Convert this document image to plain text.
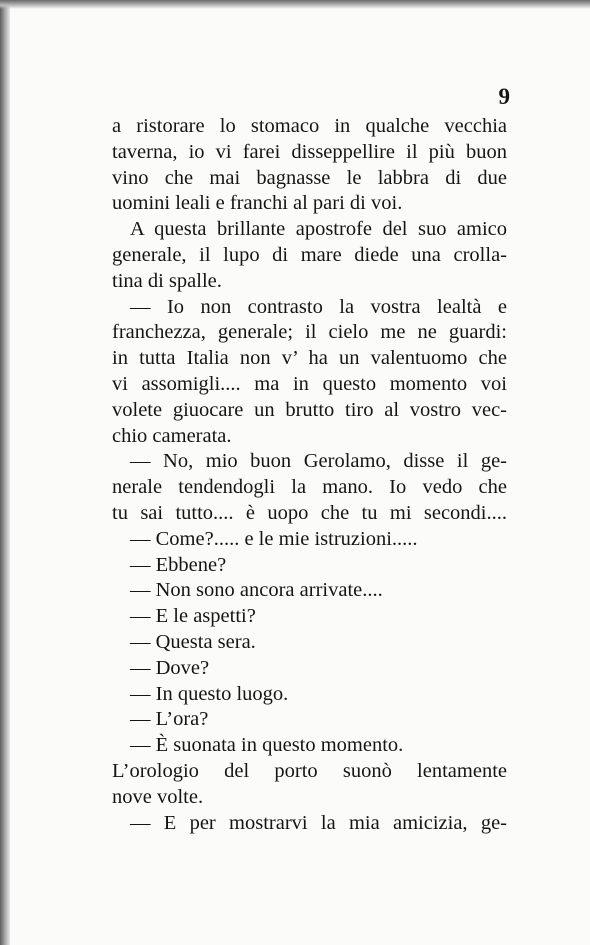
9
a ristorare lo stomaco in qualche vecchia
taverna, io vi farei disseppellire il più buon
vino che mai bagnasse le labbra di due
uomini leali e franchi al pari di voi.
A questa brillante apostrofe del suo amico
generale, il lupo di mare diede una crolla-
tina di spalle.
— Io non contrasto la vostra lealtà e
franchezza, generale; il cielo me ne guardi:
in tutta Italia non v’ ha un valentuomo che
vi assomigli.... ma in questo momento voi
volete giuocare un brutto tiro al vostro vec-
chio camerata.
— No, mio buon Gerolamo, disse il ge-
nerale tendendogli la mano. Io vedo che
tu sai tutto.... è uopo che tu mi secondi....
— Come?..... e le mie istruzioni.....
— Ebbene?
— Non sono ancora arrivate....
— E le aspetti?
— Questa sera.
— Dove?
— In questo luogo.
— L’ora?
— È suonata in questo momento.
L’orologio del porto suonò lentamente
nove volte.
— E per mostrarvi la mia amicizia, ge-
